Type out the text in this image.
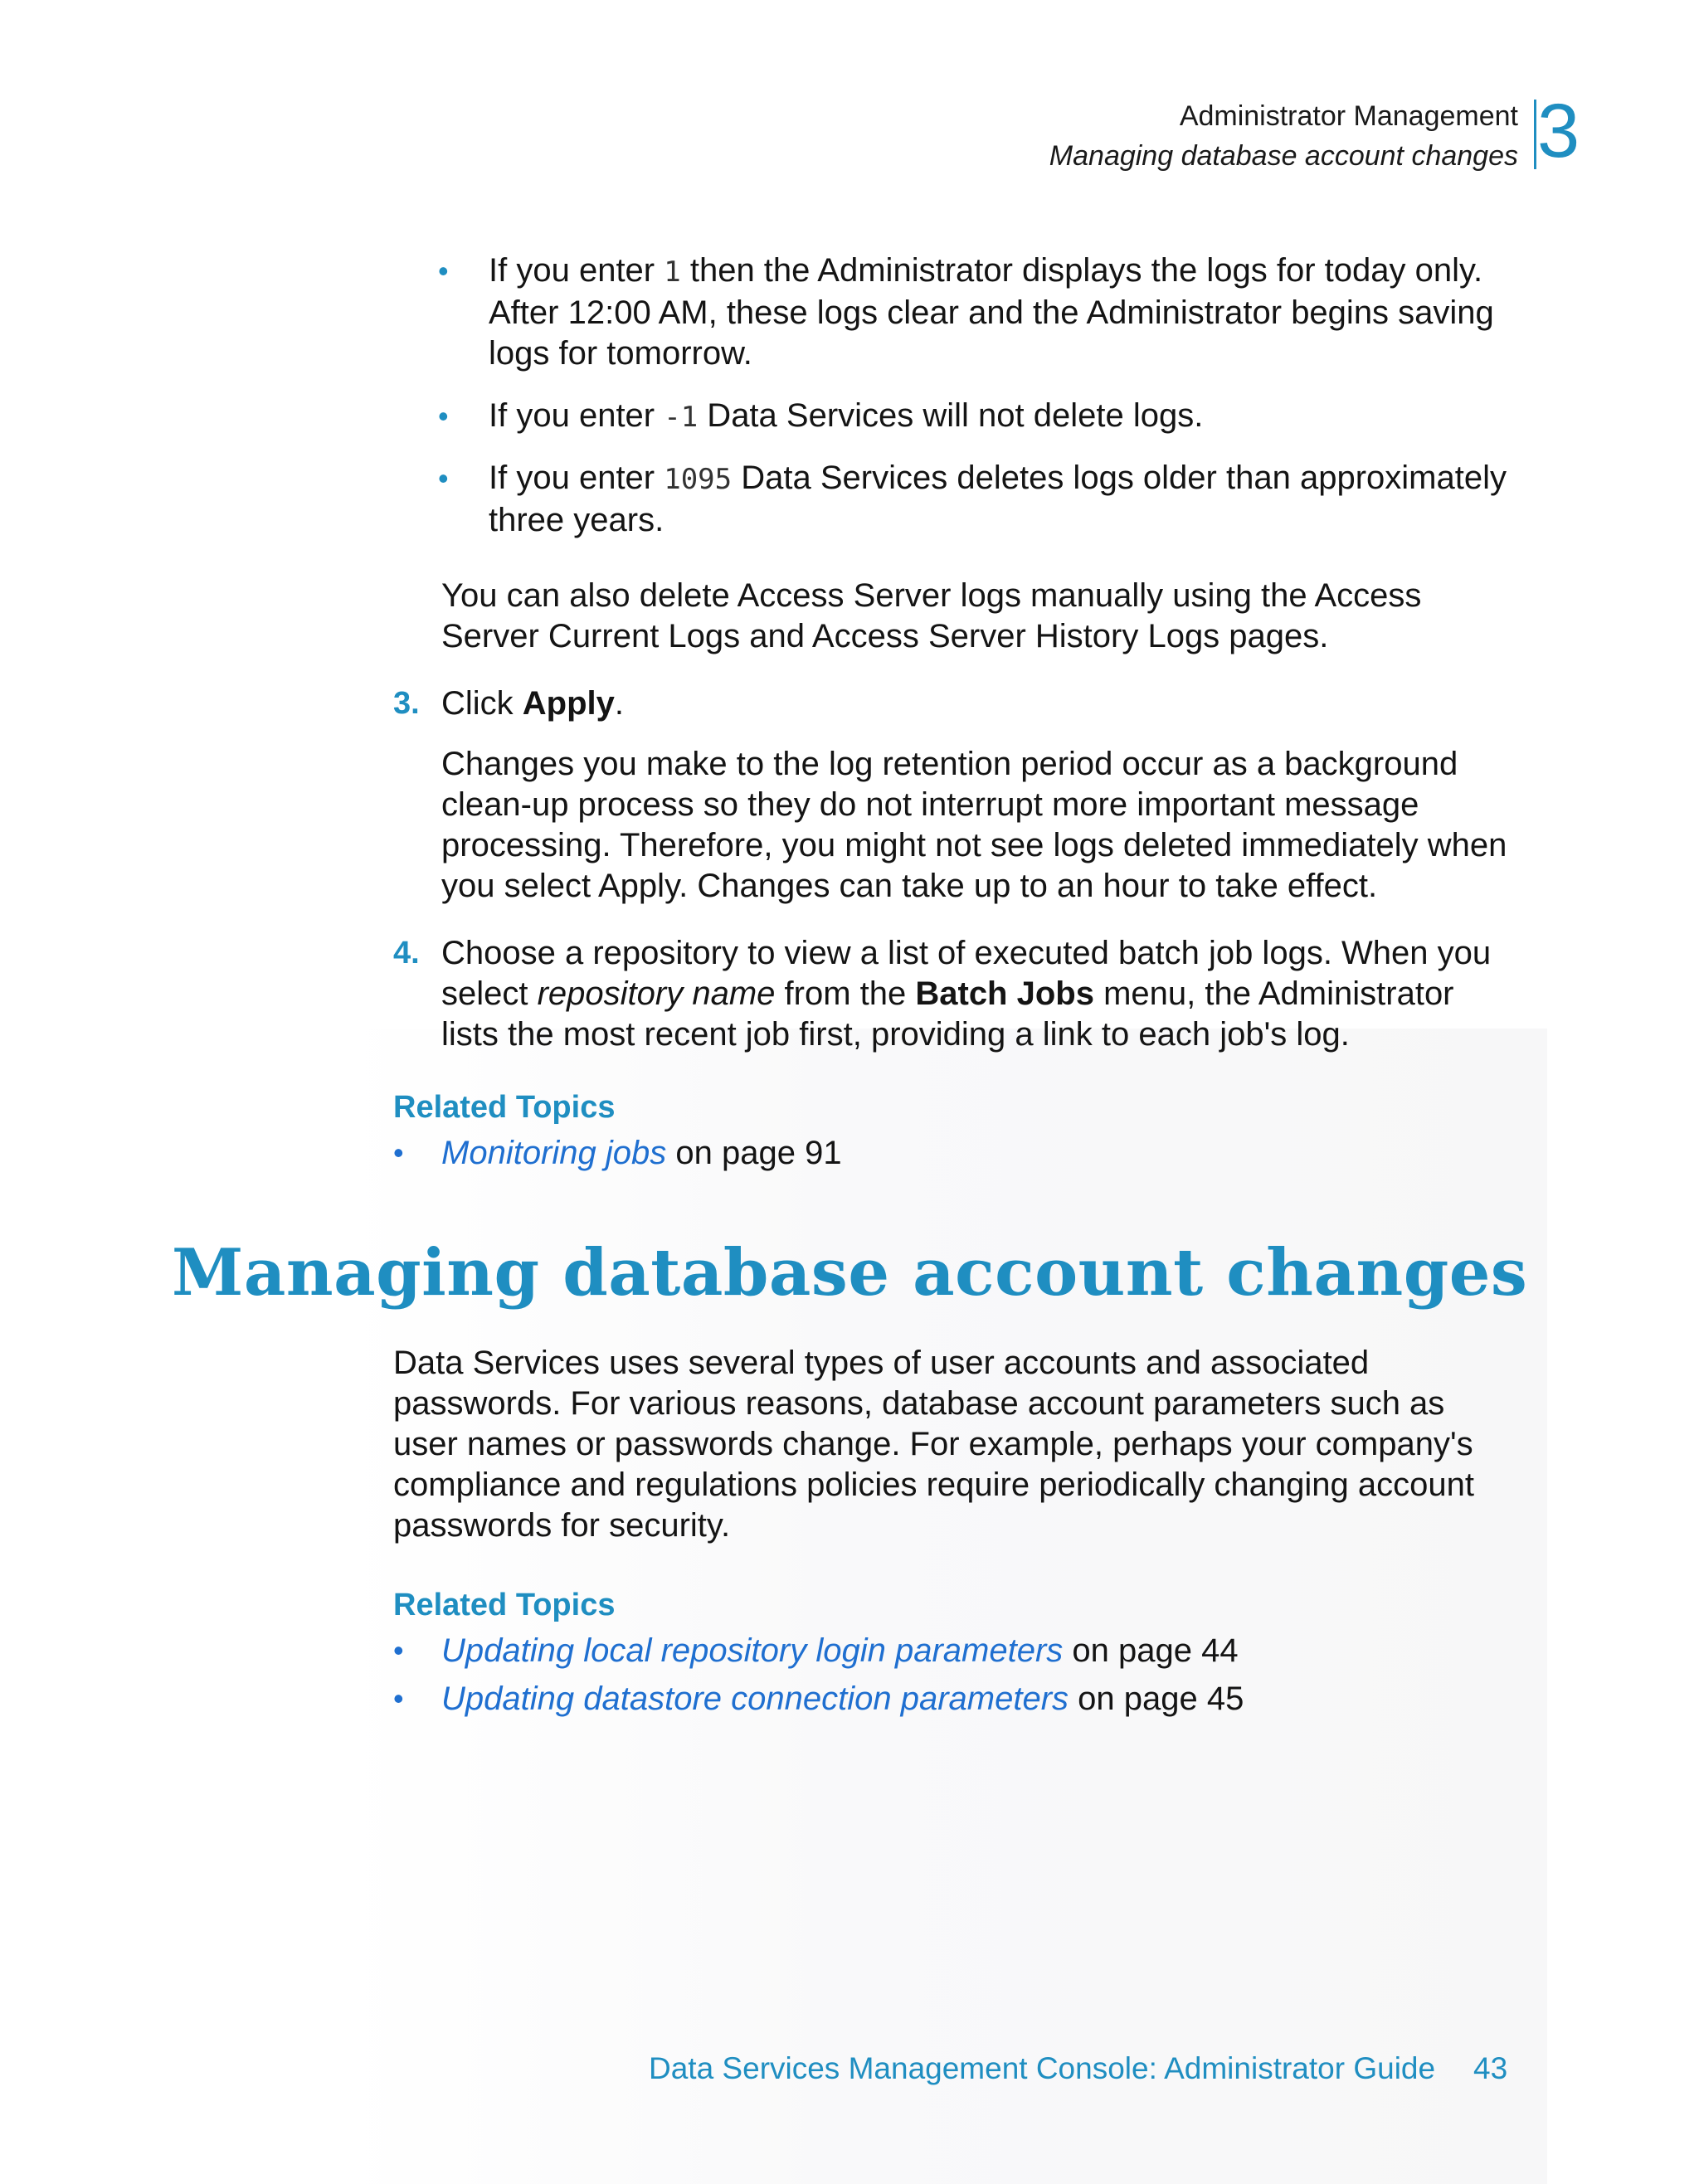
Administrator Management
Managing database account changes 3
• If you enter 1 then the Administrator displays the logs for today only. After 12:00 AM, these logs clear and the Administrator begins saving logs for tomorrow.
• If you enter -1 Data Services will not delete logs.
• If you enter 1095 Data Services deletes logs older than approximately three years.
You can also delete Access Server logs manually using the Access Server Current Logs and Access Server History Logs pages.
3. Click Apply.
Changes you make to the log retention period occur as a background clean-up process so they do not interrupt more important message processing. Therefore, you might not see logs deleted immediately when you select Apply. Changes can take up to an hour to take effect.
4. Choose a repository to view a list of executed batch job logs. When you select repository name from the Batch Jobs menu, the Administrator lists the most recent job first, providing a link to each job's log.
Related Topics
• Monitoring jobs on page 91
Managing database account changes
Data Services uses several types of user accounts and associated passwords. For various reasons, database account parameters such as user names or passwords change. For example, perhaps your company's compliance and regulations policies require periodically changing account passwords for security.
Related Topics
• Updating local repository login parameters on page 44
• Updating datastore connection parameters on page 45
Data Services Management Console: Administrator Guide 43
